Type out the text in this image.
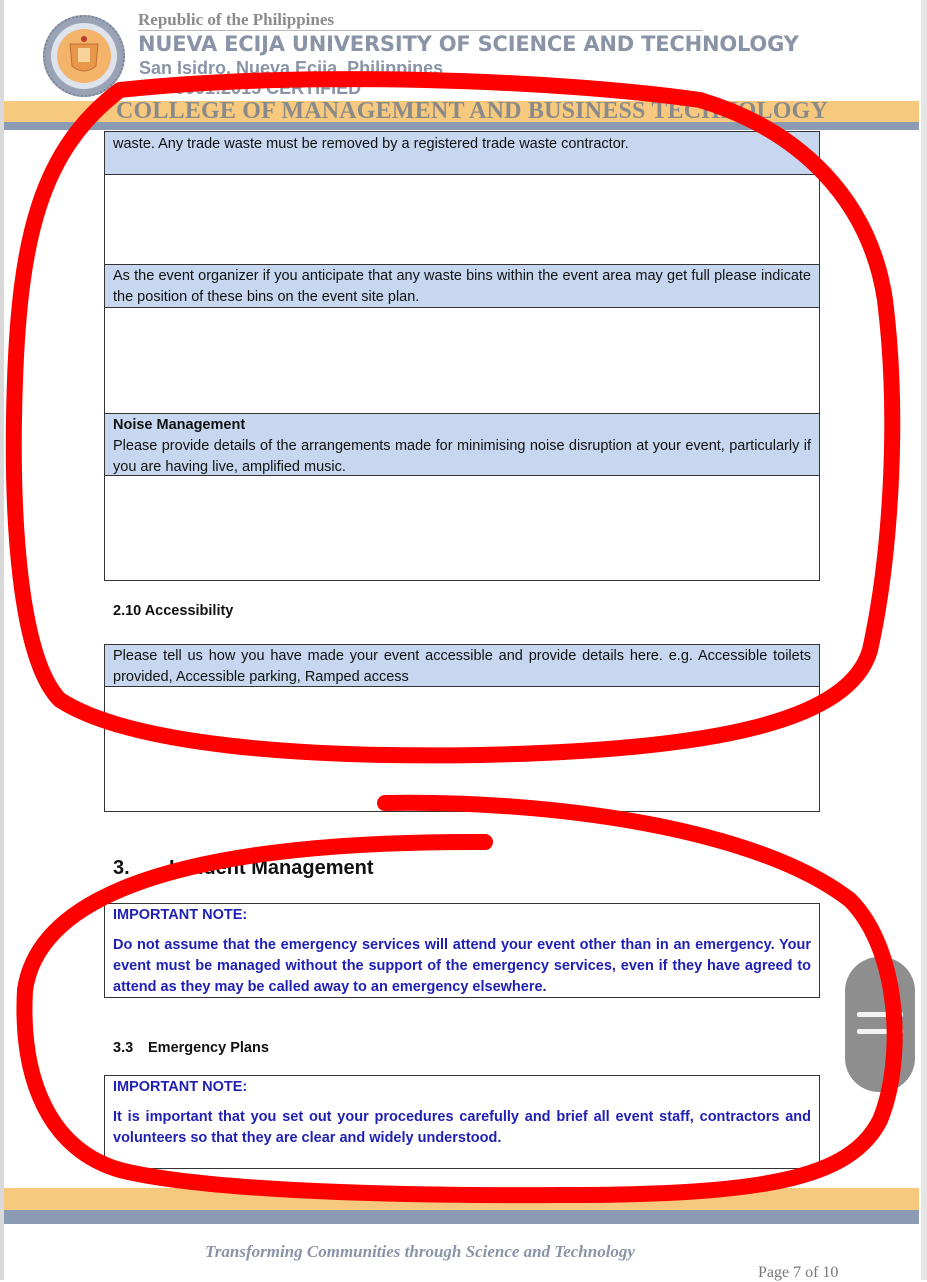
Republic of the Philippines
NUEVA ECIJA UNIVERSITY OF SCIENCE AND TECHNOLOGY
San Isidro, Nueva Ecija, Philippines
ISO 9001:2015 CERTIFIED
COLLEGE OF MANAGEMENT AND BUSINESS TECHNOLOGY
waste. Any trade waste must be removed by a registered trade waste contractor.
As the event organizer if you anticipate that any waste bins within the event area may get full please indicate the position of these bins on the event site plan.
Noise Management
Please provide details of the arrangements made for minimising noise disruption at your event, particularly if you are having live, amplified music.
2.10 Accessibility
Please tell us how you have made your event accessible and provide details here. e.g. Accessible toilets provided, Accessible parking, Ramped access
3. Incident Management
IMPORTANT NOTE:
Do not assume that the emergency services will attend your event other than in an emergency. Your event must be managed without the support of the emergency services, even if they have agreed to attend as they may be called away to an emergency elsewhere.
3.3 Emergency Plans
IMPORTANT NOTE:
It is important that you set out your procedures carefully and brief all event staff, contractors and volunteers so that they are clear and widely understood.
Transforming Communities through Science and Technology
Page 7 of 10
